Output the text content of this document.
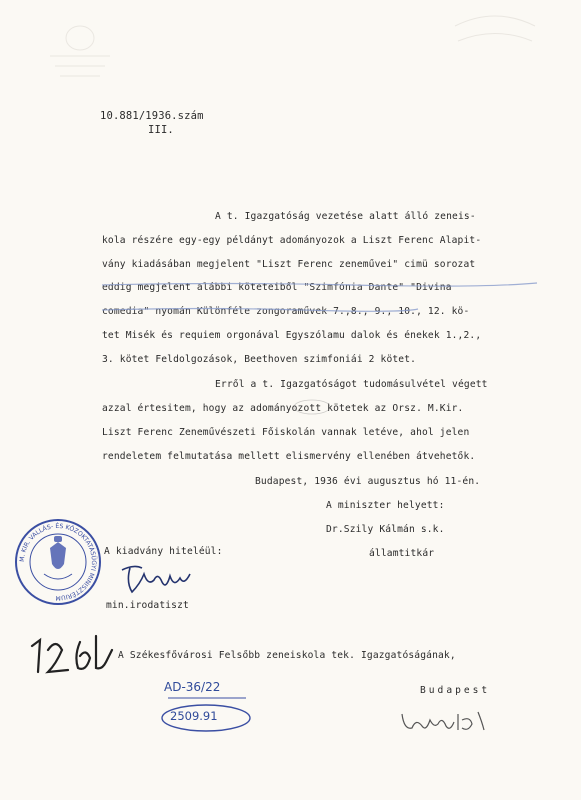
10.881/1936.szám
III.
A t. Igazgatóság vezetése alatt álló zeneis-
kola részére egy-egy példányt adományozok a Liszt Ferenc Alapit-
vány kiadásában megjelent "Liszt Ferenc zeneművei" cimü sorozat
eddig megjelent alábbi köteteiből "Szimfónia Dante" "Divina
comedia" nyomán Különféle zongoraművek 7.,8., 9., 10., 12. kö-
tet Misék és requiem orgonával Egyszólamu dalok és énekek 1.,2.,
3. kötet Feldolgozások, Beethoven szimfoniái 2 kötet.
Erről a t. Igazgatóságot tudomásulvétel végett
azzal értesitem, hogy az adományozott kötetek az Orsz. M.Kir.
Liszt Ferenc Zeneművészeti Főiskolán vannak letéve, ahol jelen
rendeletem felmutatása mellett elismervény ellenében átvehetők.
Budapest, 1936 évi augusztus hó 11-én.
A miniszter helyett:
Dr.Szily Kálmán s.k.
államtitkár
A kiadvány hiteléül:
min.irodatiszt
M. KIR. VALLÁS- ÉS KÖZOKTATÁSÜGYI MINISZTÉRIUM
A Székesfővárosi Felsőbb zeneiskola tek. Igazgatóságának,
Budapest
AD-36/22
2509.91
